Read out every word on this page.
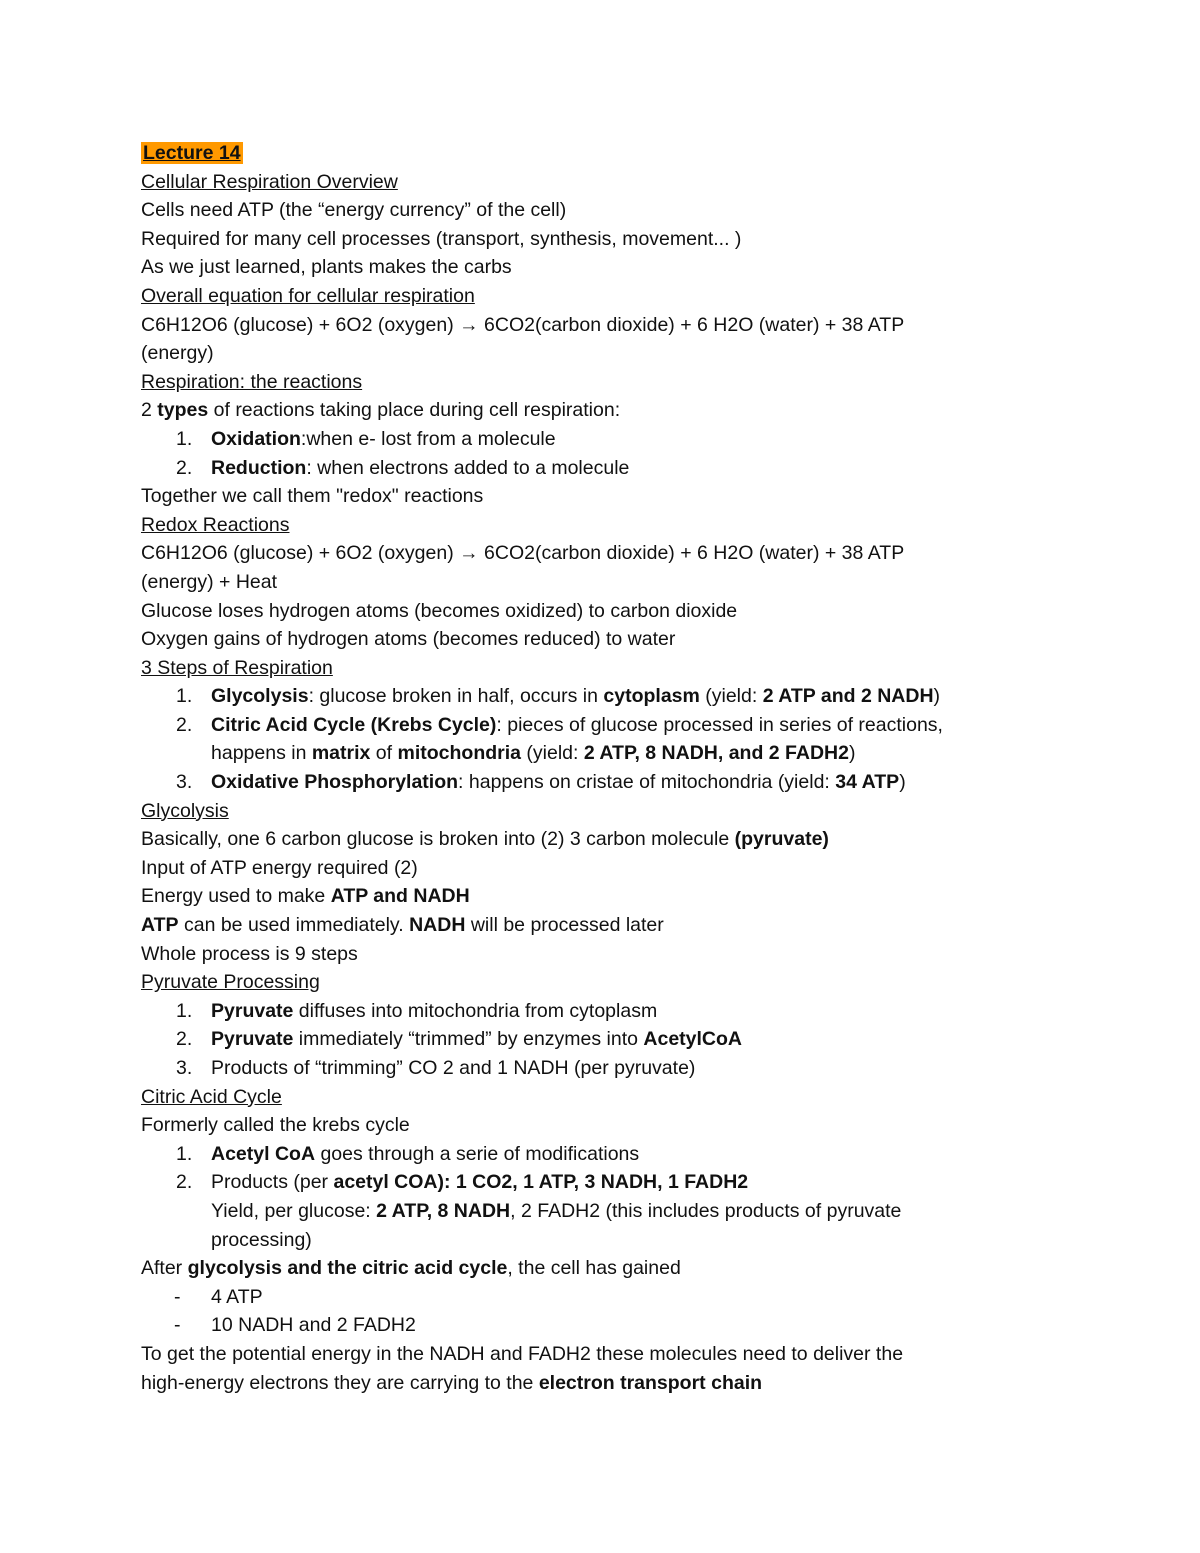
Lecture 14
Cellular Respiration Overview
Cells need ATP (the “energy currency” of the cell)
Required for many cell processes (transport, synthesis, movement... )
As we just learned, plants makes the carbs
Overall equation for cellular respiration
C6H12O6 (glucose) + 6O2 (oxygen) → 6CO2(carbon dioxide) + 6 H2O (water) + 38 ATP
(energy)
Respiration: the reactions
2 types of reactions taking place during cell respiration:
1. Oxidation:when e- lost from a molecule
2. Reduction: when electrons added to a molecule
Together we call them "redox" reactions
Redox Reactions
C6H12O6 (glucose) + 6O2 (oxygen) → 6CO2(carbon dioxide) + 6 H2O (water) + 38 ATP
(energy) + Heat
Glucose loses hydrogen atoms (becomes oxidized) to carbon dioxide
Oxygen gains of hydrogen atoms (becomes reduced) to water
3 Steps of Respiration
1. Glycolysis: glucose broken in half, occurs in cytoplasm (yield: 2 ATP and 2 NADH)
2. Citric Acid Cycle (Krebs Cycle): pieces of glucose processed in series of reactions,
happens in matrix of mitochondria (yield: 2 ATP, 8 NADH, and 2 FADH2)
3. Oxidative Phosphorylation: happens on cristae of mitochondria (yield: 34 ATP)
Glycolysis
Basically, one 6 carbon glucose is broken into (2) 3 carbon molecule (pyruvate)
Input of ATP energy required (2)
Energy used to make ATP and NADH
ATP can be used immediately. NADH will be processed later
Whole process is 9 steps
Pyruvate Processing
1. Pyruvate diffuses into mitochondria from cytoplasm
2. Pyruvate immediately “trimmed” by enzymes into AcetylCoA
3. Products of “trimming” CO 2 and 1 NADH (per pyruvate)
Citric Acid Cycle
Formerly called the krebs cycle
1. Acetyl CoA goes through a serie of modifications
2. Products (per acetyl COA): 1 CO2, 1 ATP, 3 NADH, 1 FADH2
Yield, per glucose: 2 ATP, 8 NADH, 2 FADH2 (this includes products of pyruvate
processing)
After glycolysis and the citric acid cycle, the cell has gained
- 4 ATP
- 10 NADH and 2 FADH2
To get the potential energy in the NADH and FADH2 these molecules need to deliver the
high-energy electrons they are carrying to the electron transport chain
